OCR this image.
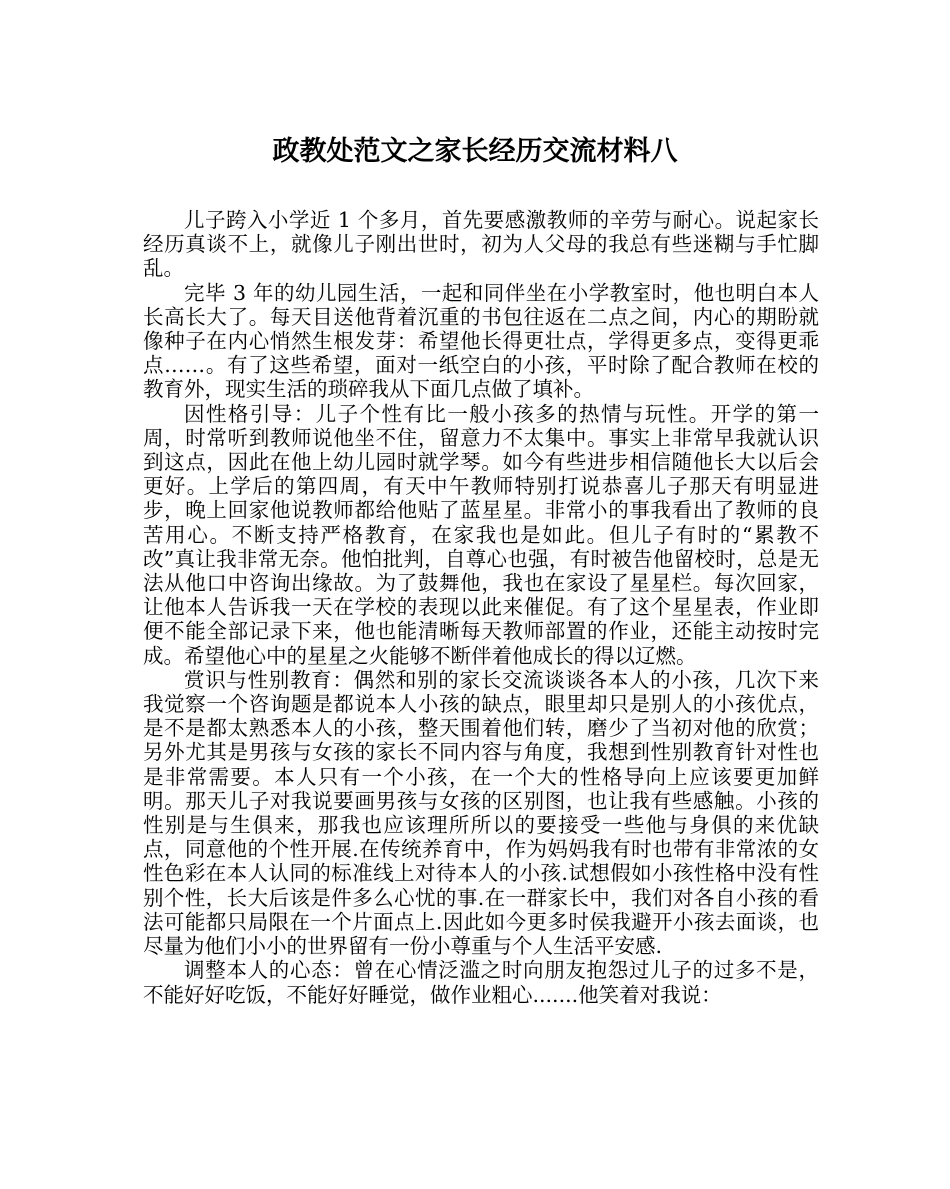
政教处范文之家长经历交流材料八

儿子跨入小学近 1 个多月，首先要感激教师的辛劳与耐心。说起家长经历真谈不上，就像儿子刚出世时，初为人父母的我总有些迷糊与手忙脚乱。

完毕 3 年的幼儿园生活，一起和同伴坐在小学教室时，他也明白本人长高长大了。每天目送他背着沉重的书包往返在二点之间，内心的期盼就像种子在内心悄然生根发芽：希望他长得更壮点，学得更多点，变得更乖点……。有了这些希望，面对一纸空白的小孩，平时除了配合教师在校的教育外，现实生活的琐碎我从下面几点做了填补。

因性格引导：儿子个性有比一般小孩多的热情与玩性。开学的第一周，时常听到教师说他坐不住，留意力不太集中。事实上非常早我就认识到这点，因此在他上幼儿园时就学琴。如今有些进步相信随他长大以后会更好。上学后的第四周，有天中午教师特别打说恭喜儿子那天有明显进步，晚上回家他说教师都给他贴了蓝星星。非常小的事我看出了教师的良苦用心。不断支持严格教育，在家我也是如此。但儿子有时的“累教不改”真让我非常无奈。他怕批判，自尊心也强，有时被告他留校时，总是无法从他口中咨询出缘故。为了鼓舞他，我也在家设了星星栏。每次回家，让他本人告诉我一天在学校的表现以此来催促。有了这个星星表，作业即便不能全部记录下来，他也能清晰每天教师部置的作业，还能主动按时完成。希望他心中的星星之火能够不断伴着他成长的得以辽燃。

赏识与性别教育：偶然和别的家长交流谈谈各本人的小孩，几次下来我觉察一个咨询题是都说本人小孩的缺点，眼里却只是别人的小孩优点，是不是都太熟悉本人的小孩，整天围着他们转，磨少了当初对他的欣赏；另外尤其是男孩与女孩的家长不同内容与角度，我想到性别教育针对性也是非常需要。本人只有一个小孩，在一个大的性格导向上应该要更加鲜明。那天儿子对我说要画男孩与女孩的区别图，也让我有些感触。小孩的性别是与生俱来，那我也应该理所所以的要接受一些他与身俱的来优缺点，同意他的个性开展.在传统养育中，作为妈妈我有时也带有非常浓的女性色彩在本人认同的标准线上对待本人的小孩.试想假如小孩性格中没有性别个性，长大后该是件多么心忧的事.在一群家长中，我们对各自小孩的看法可能都只局限在一个片面点上.因此如今更多时侯我避开小孩去面谈，也尽量为他们小小的世界留有一份小尊重与个人生活平安感.

调整本人的心态：曾在心情泛滥之时向朋友抱怨过儿子的过多不是，不能好好吃饭，不能好好睡觉，做作业粗心.......他笑着对我说：
